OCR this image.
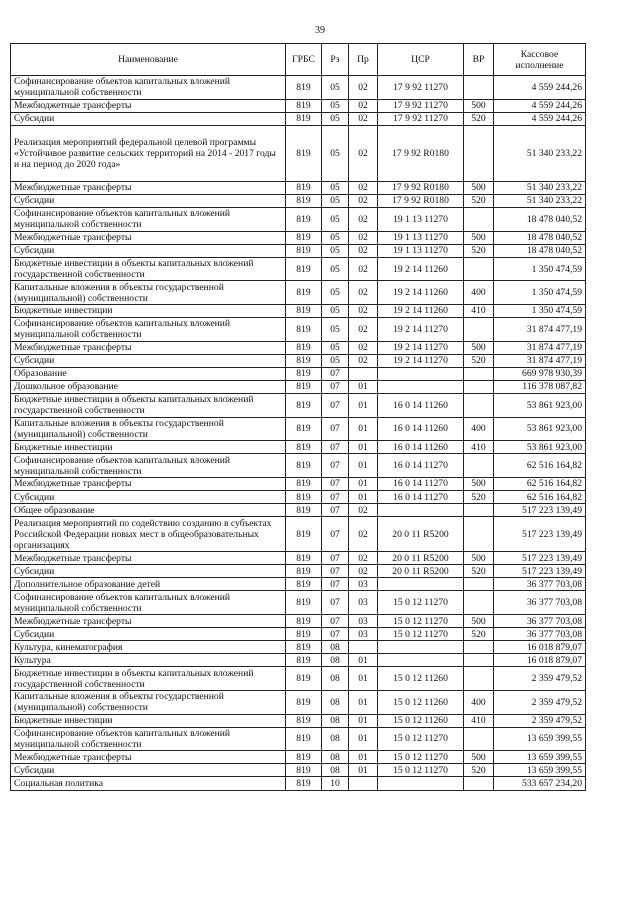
39
Наименование	ГРБС	Рз	Пр	ЦСР	ВР	Кассовое исполнение
Софинансирование объектов капитальных вложений муниципальной собственности	819	05	02	17 9 92 11270		4 559 244,26
Межбюджетные трансферты	819	05	02	17 9 92 11270	500	4 559 244,26
Субсидии	819	05	02	17 9 92 11270	520	4 559 244,26
Реализация мероприятий федеральной целевой программы «Устойчивое развитие сельских территорий на 2014 - 2017 годы и на период до 2020 года»	819	05	02	17 9 92 R0180		51 340 233,22
Межбюджетные трансферты	819	05	02	17 9 92 R0180	500	51 340 233,22
Субсидии	819	05	02	17 9 92 R0180	520	51 340 233,22
Софинансирование объектов капитальных вложений муниципальной собственности	819	05	02	19 1 13 11270		18 478 040,52
Межбюджетные трансферты	819	05	02	19 1 13 11270	500	18 478 040,52
Субсидии	819	05	02	19 1 13 11270	520	18 478 040,52
Бюджетные инвестиции в объекты капитальных вложений государственной собственности	819	05	02	19 2 14 11260		1 350 474,59
Капитальные вложения в объекты государственной (муниципальной) собственности	819	05	02	19 2 14 11260	400	1 350 474,59
Бюджетные инвестиции	819	05	02	19 2 14 11260	410	1 350 474,59
Софинансирование объектов капитальных вложений муниципальной собственности	819	05	02	19 2 14 11270		31 874 477,19
Межбюджетные трансферты	819	05	02	19 2 14 11270	500	31 874 477,19
Субсидии	819	05	02	19 2 14 11270	520	31 874 477,19
Образование	819	07				669 978 930,39
Дошкольное образование	819	07	01			116 378 087,82
Бюджетные инвестиции в объекты капитальных вложений государственной собственности	819	07	01	16 0 14 11260		53 861 923,00
Капитальные вложения в объекты государственной (муниципальной) собственности	819	07	01	16 0 14 11260	400	53 861 923,00
Бюджетные инвестиции	819	07	01	16 0 14 11260	410	53 861 923,00
Софинансирование объектов капитальных вложений муниципальной собственности	819	07	01	16 0 14 11270		62 516 164,82
Межбюджетные трансферты	819	07	01	16 0 14 11270	500	62 516 164,82
Субсидии	819	07	01	16 0 14 11270	520	62 516 164,82
Общее образование	819	07	02			517 223 139,49
Реализация мероприятий по содействию созданию в субъектах Российской Федерации новых мест в общеобразовательных организациях	819	07	02	20 0 11 R5200		517 223 139,49
Межбюджетные трансферты	819	07	02	20 0 11 R5200	500	517 223 139,49
Субсидии	819	07	02	20 0 11 R5200	520	517 223 139,49
Дополнительное образование детей	819	07	03			36 377 703,08
Софинансирование объектов капитальных вложений муниципальной собственности	819	07	03	15 0 12 11270		36 377 703,08
Межбюджетные трансферты	819	07	03	15 0 12 11270	500	36 377 703,08
Субсидии	819	07	03	15 0 12 11270	520	36 377 703,08
Культура, кинематография	819	08				16 018 879,07
Культура	819	08	01			16 018 879,07
Бюджетные инвестиции в объекты капитальных вложений государственной собственности	819	08	01	15 0 12 11260		2 359 479,52
Капитальные вложения в объекты государственной (муниципальной) собственности	819	08	01	15 0 12 11260	400	2 359 479,52
Бюджетные инвестиции	819	08	01	15 0 12 11260	410	2 359 479,52
Софинансирование объектов капитальных вложений муниципальной собственности	819	08	01	15 0 12 11270		13 659 399,55
Межбюджетные трансферты	819	08	01	15 0 12 11270	500	13 659 399,55
Субсидии	819	08	01	15 0 12 11270	520	13 659 399,55
Социальная политика	819	10				533 657 234,20
